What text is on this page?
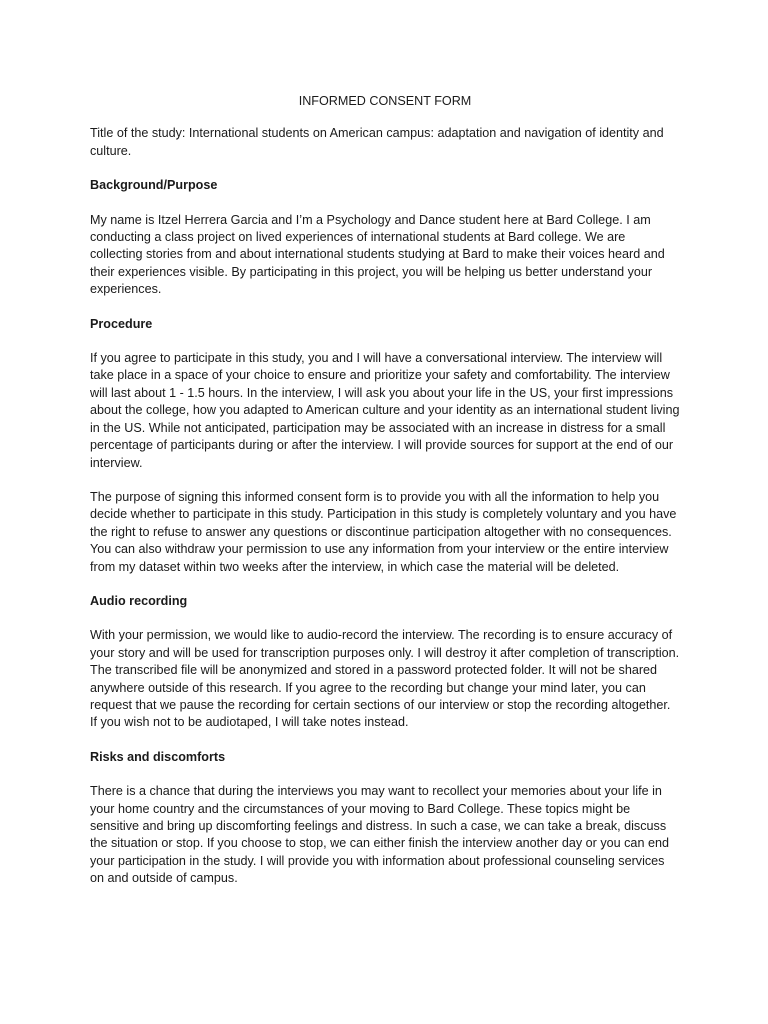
INFORMED CONSENT FORM
Title of the study: International students on American campus: adaptation and navigation of identity and culture.
Background/Purpose
My name is Itzel Herrera Garcia and I’m a Psychology and Dance student here at Bard College. I am conducting a class project on lived experiences of international students at Bard college. We are collecting stories from and about international students studying at Bard to make their voices heard and their experiences visible. By participating in this project, you will be helping us better understand your experiences.
Procedure
If you agree to participate in this study, you and I will have a conversational interview. The interview will take place in a space of your choice to ensure and prioritize your safety and comfortability. The interview will last about 1 - 1.5 hours. In the interview, I will ask you about your life in the US, your first impressions about the college, how you adapted to American culture and your identity as an international student living in the US. While not anticipated, participation may be associated with an increase in distress for a small percentage of participants during or after the interview. I will provide sources for support at the end of our interview.
The purpose of signing this informed consent form is to provide you with all the information to help you decide whether to participate in this study. Participation in this study is completely voluntary and you have the right to refuse to answer any questions or discontinue participation altogether with no consequences. You can also withdraw your permission to use any information from your interview or the entire interview from my dataset within two weeks after the interview, in which case the material will be deleted.
Audio recording
With your permission, we would like to audio-record the interview. The recording is to ensure accuracy of your story and will be used for transcription purposes only. I will destroy it after completion of transcription. The transcribed file will be anonymized and stored in a password protected folder. It will not be shared anywhere outside of this research. If you agree to the recording but change your mind later, you can request that we pause the recording for certain sections of our interview or stop the recording altogether. If you wish not to be audiotaped, I will take notes instead.
Risks and discomforts
There is a chance that during the interviews you may want to recollect your memories about your life in your home country and the circumstances of your moving to Bard College. These topics might be sensitive and bring up discomforting feelings and distress. In such a case, we can take a break, discuss the situation or stop. If you choose to stop, we can either finish the interview another day or you can end your participation in the study. I will provide you with information about professional counseling services on and outside of campus.
